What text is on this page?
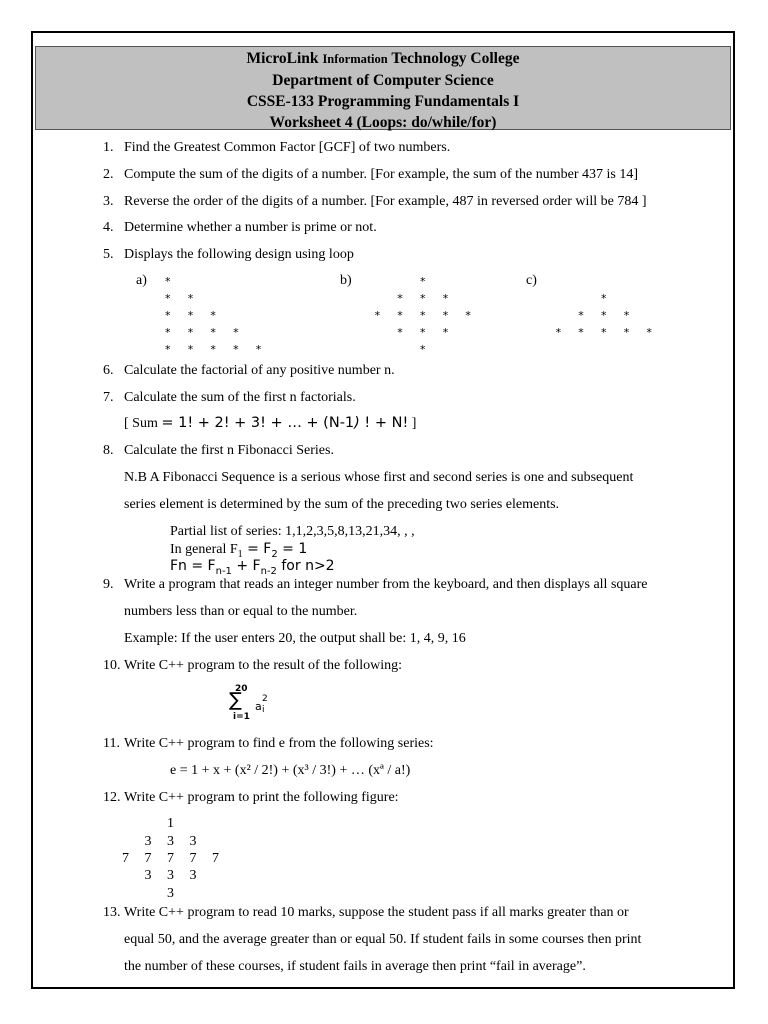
MicroLink Information Technology College
Department of Computer Science
CSSE-133 Programming Fundamentals I
Worksheet 4 (Loops: do/while/for)
1. Find the Greatest Common Factor [GCF] of two numbers.
2. Compute the sum of the digits of a number. [For example, the sum of the number 437 is 14]
3. Reverse the order of the digits of a number. [For example, 487 in reversed order will be 784 ]
4. Determine whether a number is prime or not.
5. Displays the following design using loop
6. Calculate the factorial of any positive number n.
7. Calculate the sum of the first n factorials.
8. Calculate the first n Fibonacci Series.
9. Write a program that reads an integer number from the keyboard, and then displays all square
10. Write C++ program to the result of the following:
11. Write C++ program to find e from the following series:
12. Write C++ program to print the following figure:
13. Write C++ program to read 10 marks, suppose the student pass if all marks greater than or
a)	b)	c)
*
* *
* * *
* * * *
* * * * *
*
* * *
* * * * *
* * *
*
*
* * *
* * * * *
[ Sum = 1! + 2! + 3! + … + (N-1) ! + N! ]
N.B A Fibonacci Sequence is a serious whose first and second series is one and subsequent
series element is determined by the sum of the preceding two series elements.
Partial list of series: 1,1,2,3,5,8,13,21,34, , ,
In general $F_1 = F_2 = 1$
$Fn = F_{n-1} + F_{n-2}$ for n>2
numbers less than or equal to the number.
Example: If the user enters 20, the output shall be: 1, 4, 9, 16
20
∑
i=1
a
2
i
e = 1 + x + (x² / 2!) + (x³ / 3!) + … (xª / a!)
1
3 3 3
7 7 7 7 7
3 3 3
3
equal 50, and the average greater than or equal 50. If student fails in some courses then print
the number of these courses, if student fails in average then print “fail in average”.
